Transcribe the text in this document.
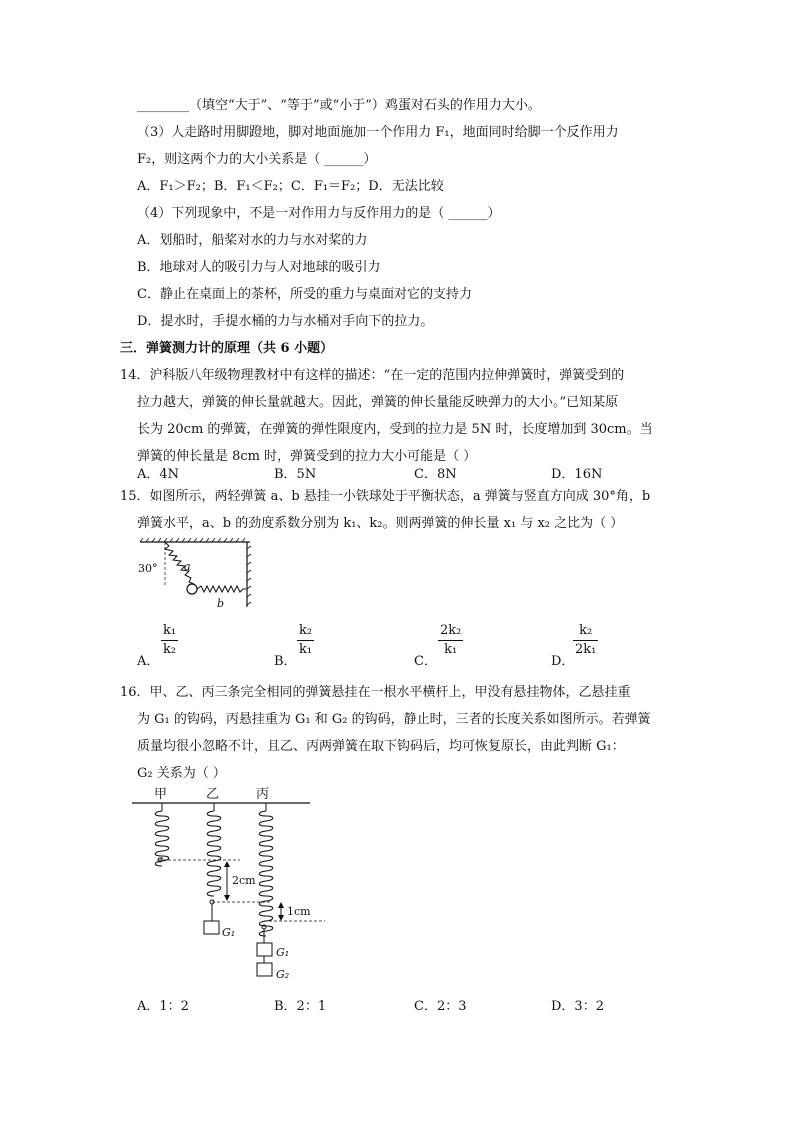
________（填空“大于”、“等于”或“小于”）鸡蛋对石头的作用力大小。
（3）人走路时用脚蹬地，脚对地面施加一个作用力 F₁，地面同时给脚一个反作用力
F₂，则这两个力的大小关系是（ ______）
A．F₁＞F₂；B．F₁＜F₂；C．F₁＝F₂；D．无法比较
（4）下列现象中，不是一对作用力与反作用力的是（ ______）
A．划船时，船桨对水的力与水对桨的力
B．地球对人的吸引力与人对地球的吸引力
C．静止在桌面上的茶杯，所受的重力与桌面对它的支持力
D．提水时，手提水桶的力与水桶对手向下的拉力。
三．弹簧测力计的原理（共 6 小题）
14．沪科版八年级物理教材中有这样的描述：“在一定的范围内拉伸弹簧时，弹簧受到的
拉力越大，弹簧的伸长量就越大。因此，弹簧的伸长量能反映弹力的大小。”已知某原
长为 20cm 的弹簧，在弹簧的弹性限度内，受到的拉力是 5N 时，长度增加到 30cm。当
弹簧的伸长量是 8cm 时，弹簧受到的拉力大小可能是（ ）
A．4N	B．5N	C．8N	D．16N
15．如图所示，两轻弹簧 a、b 悬挂一小铁球处于平衡状态，a 弹簧与竖直方向成 30°角，b
弹簧水平，a、b 的劲度系数分别为 k₁、k₂。则两弹簧的伸长量 x₁ 与 x₂ 之比为（ ）
30° a
b
A．
$\frac{\text{k₁}}{\text{k₂}}$
B．
$\frac{\text{k₂}}{\text{k₁}}$
C．
$\frac{\text{2k₂}}{\text{k₁}}$
D．
$\frac{\text{k₂}}{\text{2k₁}}$
16．甲、乙、丙三条完全相同的弹簧悬挂在一根水平横杆上，甲没有悬挂物体，乙悬挂重
为 G₁ 的钩码，丙悬挂重为 G₁ 和 G₂ 的钩码，静止时，三者的长度关系如图所示。若弹簧
质量均很小忽略不计，且乙、丙两弹簧在取下钩码后，均可恢复原长，由此判断 G₁：
G₂ 关系为（ ）
甲	乙	丙
G₁
G₁
G₂
2cm
1cm
A．1：2	B．2：1	C．2：3	D．3：2
